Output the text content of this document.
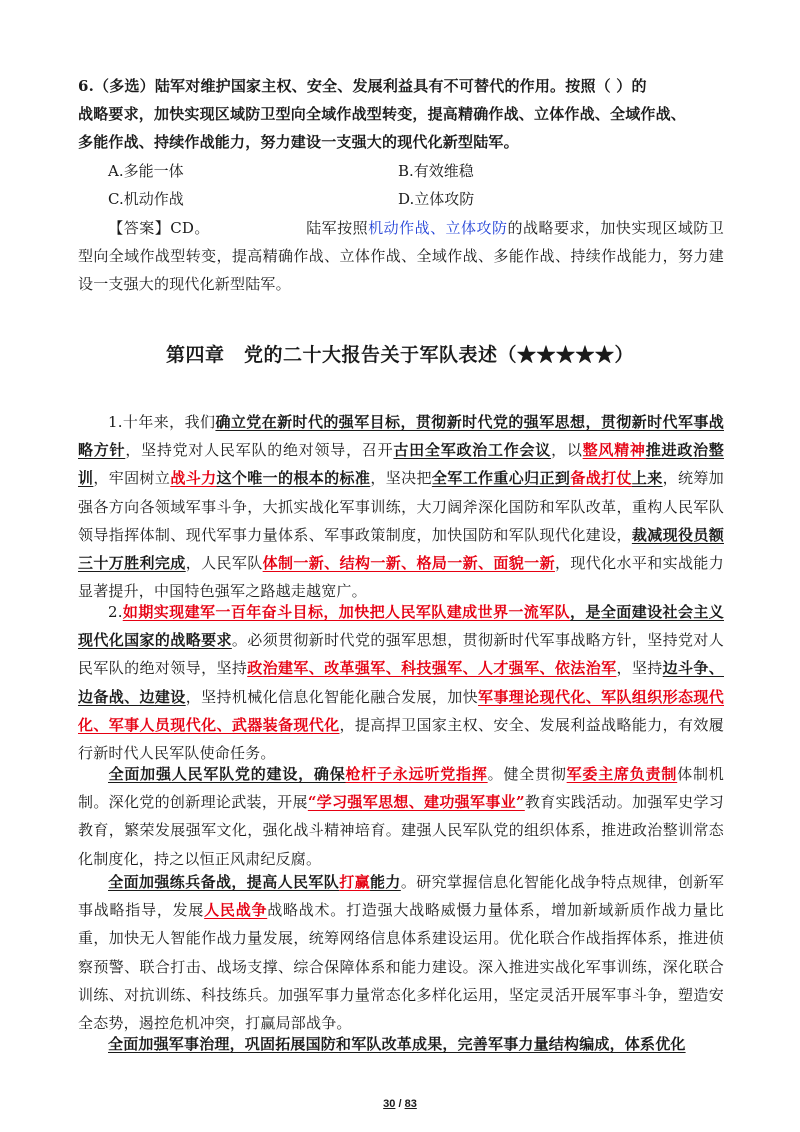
6.（多选）陆军对维护国家主权、安全、发展利益具有不可替代的作用。按照（ ）的
战略要求，加快实现区域防卫型向全域作战型转变，提高精确作战、立体作战、全域作战、
多能作战、持续作战能力，努力建设一支强大的现代化新型陆军。
A.多能一体	B.有效维稳
C.机动作战	D.立体攻防
【答案】CD。	陆军按照机动作战、立体攻防的战略要求，加快实现区域防卫型向全域作战型转变，提高精确作战、立体作战、全域作战、多能作战、持续作战能力，努力建设一支强大的现代化新型陆军。
第四章　党的二十大报告关于军队表述（★★★★★）
1.十年来，我们确立党在新时代的强军目标，贯彻新时代党的强军思想，贯彻新时代军事战略方针，坚持党对人民军队的绝对领导，召开古田全军政治工作会议，以整风精神推进政治整训，牢固树立战斗力这个唯一的根本的标准，坚决把全军工作重心归正到备战打仗上来，统筹加强各方向各领域军事斗争，大抓实战化军事训练，大刀阔斧深化国防和军队改革，重构人民军队领导指挥体制、现代军事力量体系、军事政策制度，加快国防和军队现代化建设，裁减现役员额三十万胜利完成，人民军队体制一新、结构一新、格局一新、面貌一新，现代化水平和实战能力显著提升，中国特色强军之路越走越宽广。
2.如期实现建军一百年奋斗目标，加快把人民军队建成世界一流军队，是全面建设社会主义现代化国家的战略要求。必须贯彻新时代党的强军思想，贯彻新时代军事战略方针，坚持党对人民军队的绝对领导，坚持政治建军、改革强军、科技强军、人才强军、依法治军，坚持边斗争、边备战、边建设，坚持机械化信息化智能化融合发展，加快军事理论现代化、军队组织形态现代化、军事人员现代化、武器装备现代化，提高捍卫国家主权、安全、发展利益战略能力，有效履行新时代人民军队使命任务。
全面加强人民军队党的建设，确保枪杆子永远听党指挥。健全贯彻军委主席负责制体制机制。深化党的创新理论武装，开展“学习强军思想、建功强军事业”教育实践活动。加强军史学习教育，繁荣发展强军文化，强化战斗精神培育。建强人民军队党的组织体系，推进政治整训常态化制度化，持之以恒正风肃纪反腐。
全面加强练兵备战，提高人民军队打赢能力。研究掌握信息化智能化战争特点规律，创新军事战略指导，发展人民战争战略战术。打造强大战略威慑力量体系，增加新域新质作战力量比重，加快无人智能作战力量发展，统筹网络信息体系建设运用。优化联合作战指挥体系，推进侦察预警、联合打击、战场支撑、综合保障体系和能力建设。深入推进实战化军事训练，深化联合训练、对抗训练、科技练兵。加强军事力量常态化多样化运用，坚定灵活开展军事斗争，塑造安全态势，遏控危机冲突，打赢局部战争。
全面加强军事治理，巩固拓展国防和军队改革成果，完善军事力量结构编成，体系优化
30 / 83
